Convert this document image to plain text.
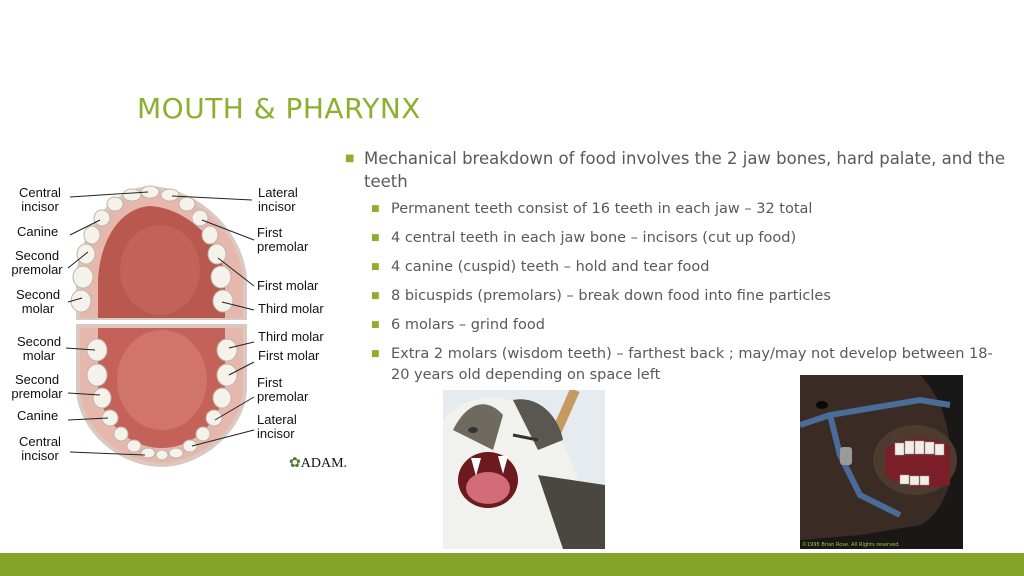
MOUTH & PHARYNX
■ Mechanical breakdown of food involves the 2 jaw bones, hard palate, and the teeth
■ Permanent teeth consist of 16 teeth in each jaw – 32 total
■ 4 central teeth in each jaw bone – incisors (cut up food)
■ 4 canine (cuspid) teeth – hold and tear food
■ 8 bicuspids (premolars) – break down food into fine particles
■ 6 molars – grind food
■ Extra 2 molars (wisdom teeth) – farthest back ; may/may not develop between 18-20 years old depending on space left
Central incisor
Canine
Second premolar
Second molar
Lateral incisor
First premolar
First molar
Third molar
Second molar
Second premolar
Canine
Central incisor
Third molar
First molar
First premolar
Lateral incisor
✿ADAM.
©1995 Brian Rose. All Rights reserved.
